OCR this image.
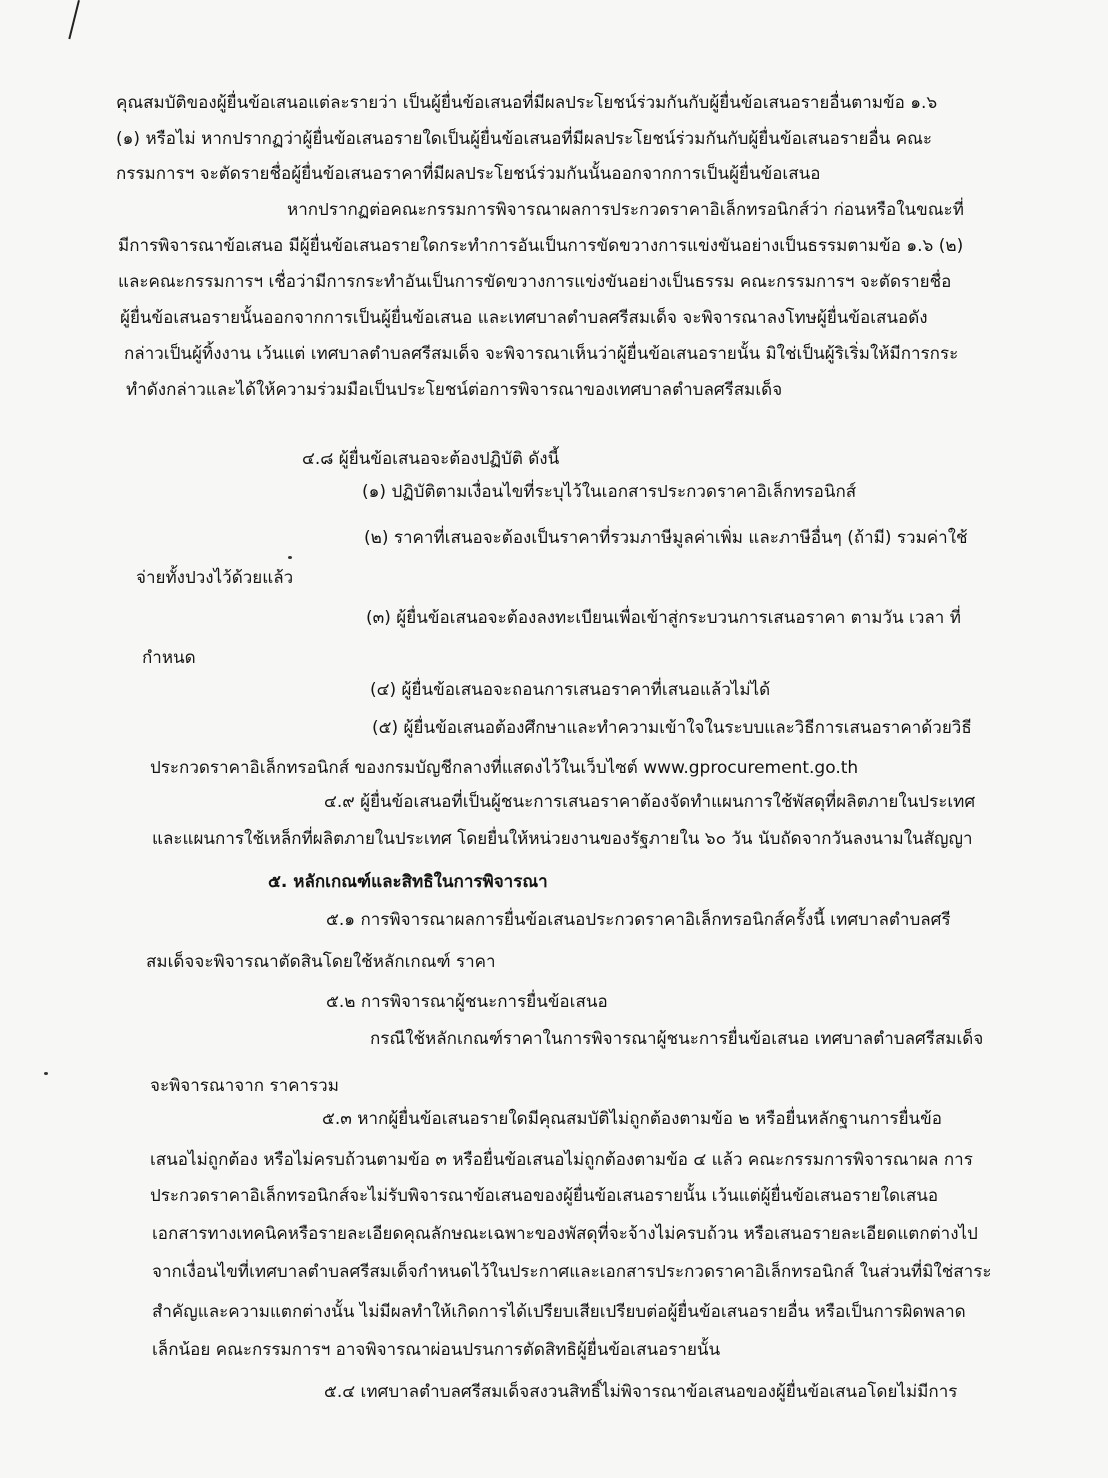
คุณสมบัติของผู้ยื่นข้อเสนอแต่ละรายว่า เป็นผู้ยื่นข้อเสนอที่มีผลประโยชน์ร่วมกันกับผู้ยื่นข้อเสนอรายอื่นตามข้อ ๑.๖
(๑) หรือไม่ หากปรากฏว่าผู้ยื่นข้อเสนอรายใดเป็นผู้ยื่นข้อเสนอที่มีผลประโยชน์ร่วมกันกับผู้ยื่นข้อเสนอรายอื่น คณะ
กรรมการฯ จะตัดรายชื่อผู้ยื่นข้อเสนอราคาที่มีผลประโยชน์ร่วมกันนั้นออกจากการเป็นผู้ยื่นข้อเสนอ
หากปรากฏต่อคณะกรรมการพิจารณาผลการประกวดราคาอิเล็กทรอนิกส์ว่า ก่อนหรือในขณะที่
มีการพิจารณาข้อเสนอ มีผู้ยื่นข้อเสนอรายใดกระทำการอันเป็นการขัดขวางการแข่งขันอย่างเป็นธรรมตามข้อ ๑.๖ (๒)
และคณะกรรมการฯ เชื่อว่ามีการกระทำอันเป็นการขัดขวางการแข่งขันอย่างเป็นธรรม คณะกรรมการฯ จะตัดรายชื่อ
ผู้ยื่นข้อเสนอรายนั้นออกจากการเป็นผู้ยื่นข้อเสนอ และเทศบาลตำบลศรีสมเด็จ จะพิจารณาลงโทษผู้ยื่นข้อเสนอดัง
กล่าวเป็นผู้ทิ้งงาน เว้นแต่ เทศบาลตำบลศรีสมเด็จ จะพิจารณาเห็นว่าผู้ยื่นข้อเสนอรายนั้น มิใช่เป็นผู้ริเริ่มให้มีการกระ
ทำดังกล่าวและได้ให้ความร่วมมือเป็นประโยชน์ต่อการพิจารณาของเทศบาลตำบลศรีสมเด็จ
๔.๘ ผู้ยื่นข้อเสนอจะต้องปฏิบัติ ดังนี้
(๑) ปฏิบัติตามเงื่อนไขที่ระบุไว้ในเอกสารประกวดราคาอิเล็กทรอนิกส์
(๒) ราคาที่เสนอจะต้องเป็นราคาที่รวมภาษีมูลค่าเพิ่ม และภาษีอื่นๆ (ถ้ามี) รวมค่าใช้
จ่ายทั้งปวงไว้ด้วยแล้ว
(๓) ผู้ยื่นข้อเสนอจะต้องลงทะเบียนเพื่อเข้าสู่กระบวนการเสนอราคา ตามวัน เวลา ที่
กำหนด
(๔) ผู้ยื่นข้อเสนอจะถอนการเสนอราคาที่เสนอแล้วไม่ได้
(๕) ผู้ยื่นข้อเสนอต้องศึกษาและทำความเข้าใจในระบบและวิธีการเสนอราคาด้วยวิธี
ประกวดราคาอิเล็กทรอนิกส์ ของกรมบัญชีกลางที่แสดงไว้ในเว็บไซต์ www.gprocurement.go.th
๔.๙ ผู้ยื่นข้อเสนอที่เป็นผู้ชนะการเสนอราคาต้องจัดทำแผนการใช้พัสดุที่ผลิตภายในประเทศ
และแผนการใช้เหล็กที่ผลิตภายในประเทศ โดยยื่นให้หน่วยงานของรัฐภายใน ๖๐ วัน นับถัดจากวันลงนามในสัญญา
๕. หลักเกณฑ์และสิทธิในการพิจารณา
๕.๑ การพิจารณาผลการยื่นข้อเสนอประกวดราคาอิเล็กทรอนิกส์ครั้งนี้ เทศบาลตำบลศรี
สมเด็จจะพิจารณาตัดสินโดยใช้หลักเกณฑ์ ราคา
๕.๒ การพิจารณาผู้ชนะการยื่นข้อเสนอ
กรณีใช้หลักเกณฑ์ราคาในการพิจารณาผู้ชนะการยื่นข้อเสนอ เทศบาลตำบลศรีสมเด็จ
จะพิจารณาจาก ราคารวม
๕.๓ หากผู้ยื่นข้อเสนอรายใดมีคุณสมบัติไม่ถูกต้องตามข้อ ๒ หรือยื่นหลักฐานการยื่นข้อ
เสนอไม่ถูกต้อง หรือไม่ครบถ้วนตามข้อ ๓ หรือยื่นข้อเสนอไม่ถูกต้องตามข้อ ๔ แล้ว คณะกรรมการพิจารณาผล การ
ประกวดราคาอิเล็กทรอนิกส์จะไม่รับพิจารณาข้อเสนอของผู้ยื่นข้อเสนอรายนั้น เว้นแต่ผู้ยื่นข้อเสนอรายใดเสนอ
เอกสารทางเทคนิคหรือรายละเอียดคุณลักษณะเฉพาะของพัสดุที่จะจ้างไม่ครบถ้วน หรือเสนอรายละเอียดแตกต่างไป
จากเงื่อนไขที่เทศบาลตำบลศรีสมเด็จกำหนดไว้ในประกาศและเอกสารประกวดราคาอิเล็กทรอนิกส์ ในส่วนที่มิใช่สาระ
สำคัญและความแตกต่างนั้น ไม่มีผลทำให้เกิดการได้เปรียบเสียเปรียบต่อผู้ยื่นข้อเสนอรายอื่น หรือเป็นการผิดพลาด
เล็กน้อย คณะกรรมการฯ อาจพิจารณาผ่อนปรนการตัดสิทธิผู้ยื่นข้อเสนอรายนั้น
๕.๔ เทศบาลตำบลศรีสมเด็จสงวนสิทธิ์ไม่พิจารณาข้อเสนอของผู้ยื่นข้อเสนอโดยไม่มีการ
